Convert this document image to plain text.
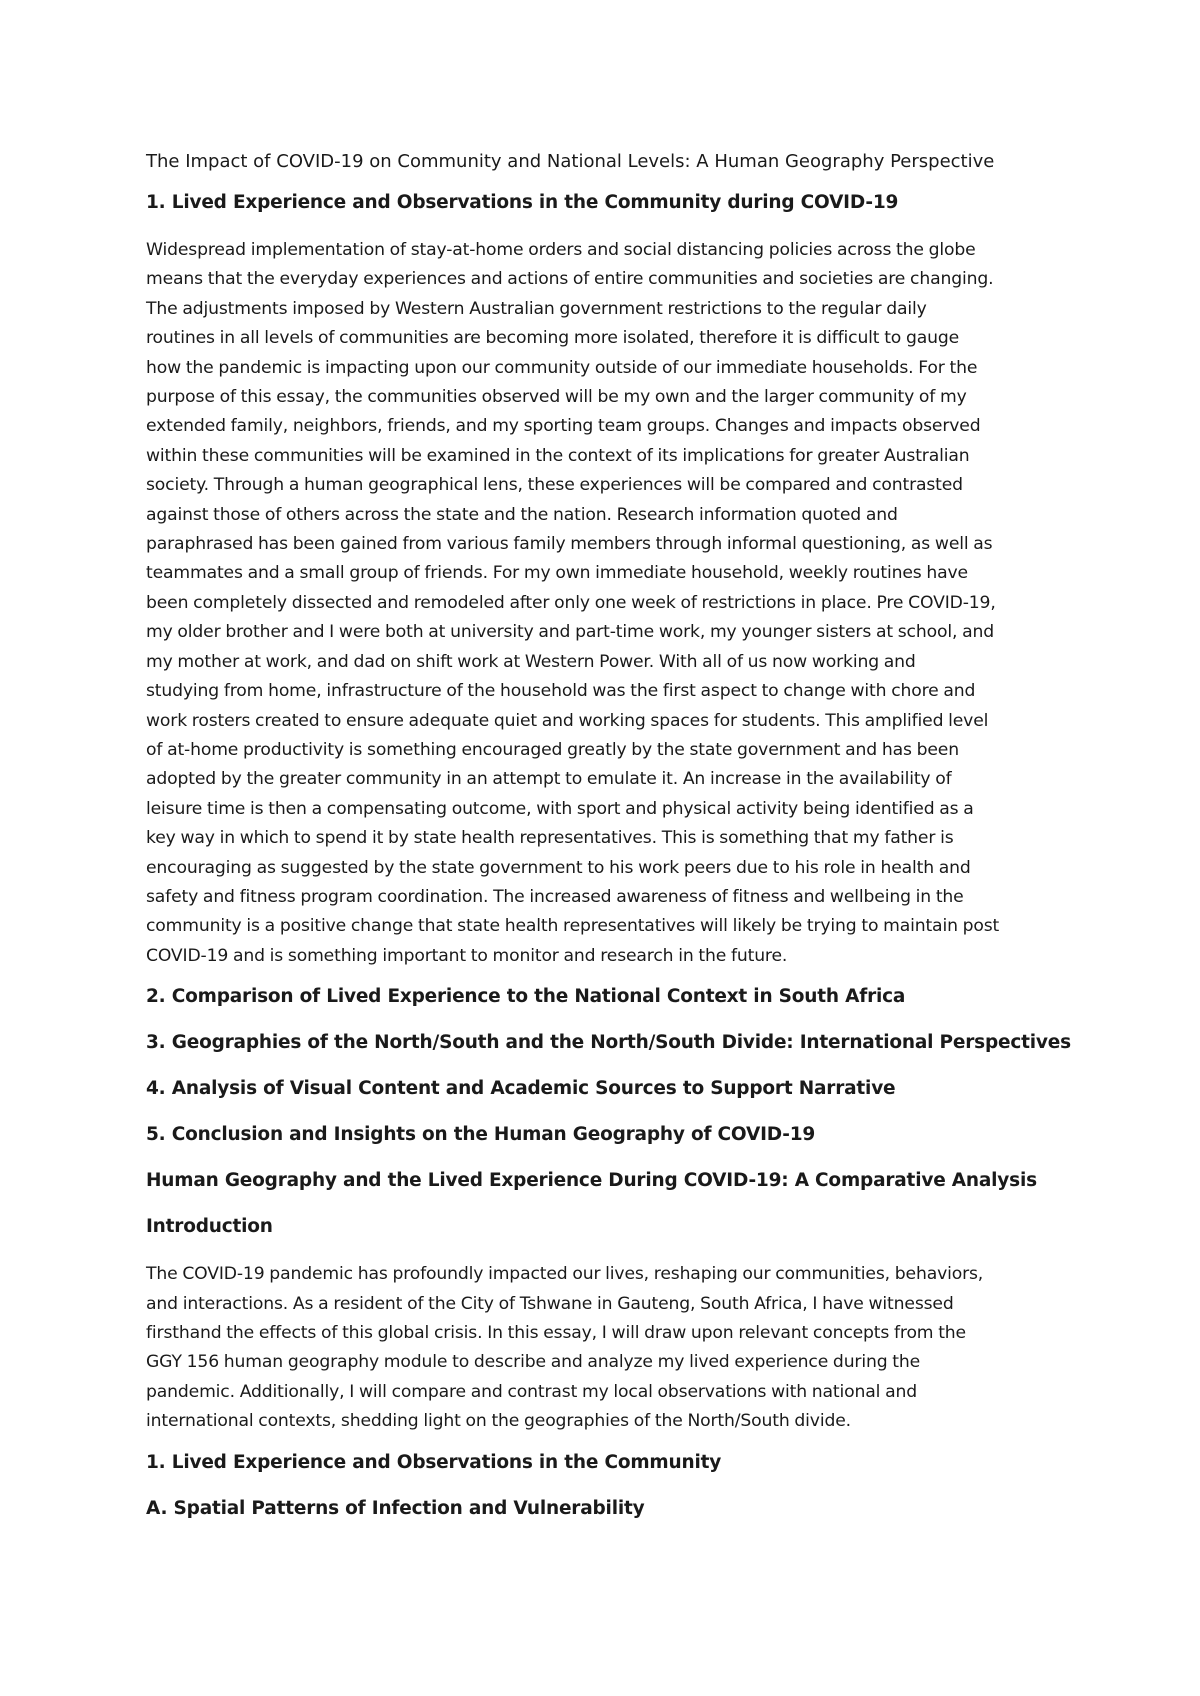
The Impact of COVID-19 on Community and National Levels: A Human Geography Perspective

1. Lived Experience and Observations in the Community during COVID-19

Widespread implementation of stay-at-home orders and social distancing policies across the globe
means that the everyday experiences and actions of entire communities and societies are changing.
The adjustments imposed by Western Australian government restrictions to the regular daily
routines in all levels of communities are becoming more isolated, therefore it is difficult to gauge
how the pandemic is impacting upon our community outside of our immediate households. For the
purpose of this essay, the communities observed will be my own and the larger community of my
extended family, neighbors, friends, and my sporting team groups. Changes and impacts observed
within these communities will be examined in the context of its implications for greater Australian
society. Through a human geographical lens, these experiences will be compared and contrasted
against those of others across the state and the nation. Research information quoted and
paraphrased has been gained from various family members through informal questioning, as well as
teammates and a small group of friends. For my own immediate household, weekly routines have
been completely dissected and remodeled after only one week of restrictions in place. Pre COVID-19,
my older brother and I were both at university and part-time work, my younger sisters at school, and
my mother at work, and dad on shift work at Western Power. With all of us now working and
studying from home, infrastructure of the household was the first aspect to change with chore and
work rosters created to ensure adequate quiet and working spaces for students. This amplified level
of at-home productivity is something encouraged greatly by the state government and has been
adopted by the greater community in an attempt to emulate it. An increase in the availability of
leisure time is then a compensating outcome, with sport and physical activity being identified as a
key way in which to spend it by state health representatives. This is something that my father is
encouraging as suggested by the state government to his work peers due to his role in health and
safety and fitness program coordination. The increased awareness of fitness and wellbeing in the
community is a positive change that state health representatives will likely be trying to maintain post
COVID-19 and is something important to monitor and research in the future.

2. Comparison of Lived Experience to the National Context in South Africa

3. Geographies of the North/South and the North/South Divide: International Perspectives

4. Analysis of Visual Content and Academic Sources to Support Narrative

5. Conclusion and Insights on the Human Geography of COVID-19

Human Geography and the Lived Experience During COVID-19: A Comparative Analysis

Introduction

The COVID-19 pandemic has profoundly impacted our lives, reshaping our communities, behaviors,
and interactions. As a resident of the City of Tshwane in Gauteng, South Africa, I have witnessed
firsthand the effects of this global crisis. In this essay, I will draw upon relevant concepts from the
GGY 156 human geography module to describe and analyze my lived experience during the
pandemic. Additionally, I will compare and contrast my local observations with national and
international contexts, shedding light on the geographies of the North/South divide.

1. Lived Experience and Observations in the Community

A. Spatial Patterns of Infection and Vulnerability
